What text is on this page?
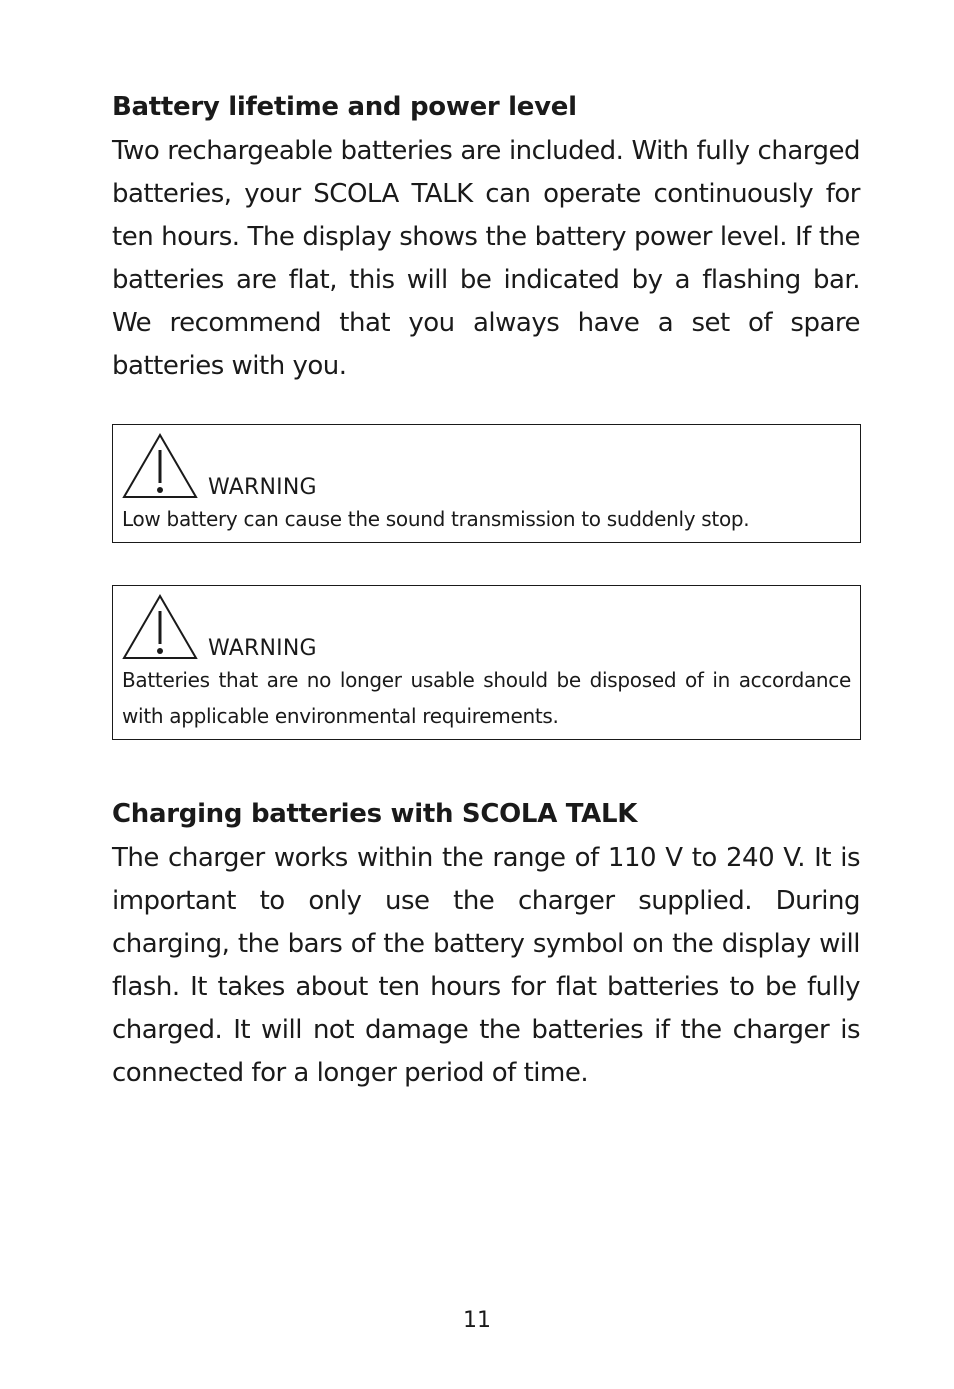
Battery lifetime and power level

Two rechargeable batteries are included. With fully charged batteries, your SCOLA TALK can operate continuously for ten hours. The display shows the battery power level. If the batteries are flat, this will be indicated by a flashing bar. We recommend that you always have a set of spare batteries with you.

WARNING

Low battery can cause the sound transmission to suddenly stop.

WARNING

Batteries that are no longer usable should be disposed of in accordance with applicable environmental requirements.

Charging batteries with SCOLA TALK

The charger works within the range of 110 V to 240 V. It is important to only use the charger supplied. During charging, the bars of the battery symbol on the display will flash. It takes about ten hours for flat batteries to be fully charged. It will not damage the batteries if the charger is connected for a longer period of time.

11
